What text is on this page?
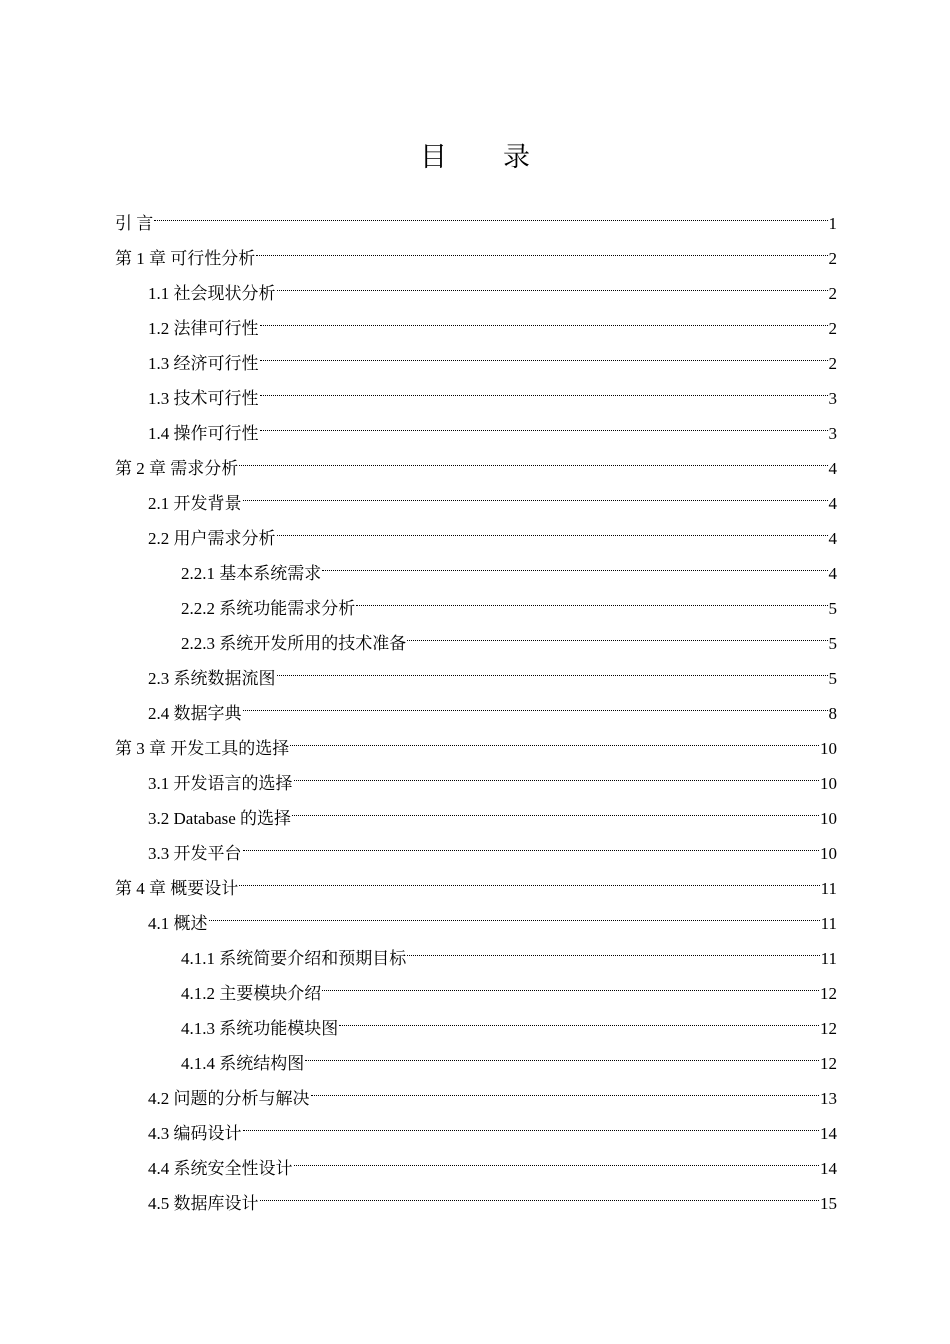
目 录
引 言	1
第 1 章 可行性分析	2
1.1 社会现状分析	2
1.2 法律可行性	2
1.3 经济可行性	2
1.3 技术可行性	3
1.4 操作可行性	3
第 2 章 需求分析	4
2.1 开发背景	4
2.2 用户需求分析	4
2.2.1 基本系统需求	4
2.2.2 系统功能需求分析	5
2.2.3 系统开发所用的技术准备	5
2.3 系统数据流图	5
2.4 数据字典	8
第 3 章 开发工具的选择	10
3.1 开发语言的选择	10
3.2 Database 的选择	10
3.3 开发平台	10
第 4 章 概要设计	11
4.1 概述	11
4.1.1 系统简要介绍和预期目标	11
4.1.2 主要模块介绍	12
4.1.3 系统功能模块图	12
4.1.4 系统结构图	12
4.2 问题的分析与解决	13
4.3 编码设计	14
4.4 系统安全性设计	14
4.5 数据库设计	15
